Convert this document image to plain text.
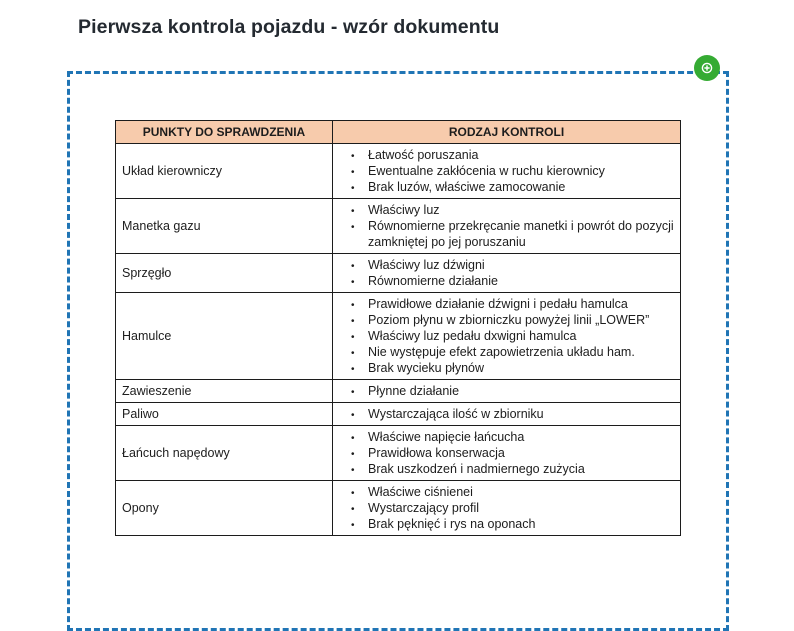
Pierwsza kontrola pojazdu - wzór dokumentu
PUNKTY DO SPRAWDZENIA	RODZAJ KONTROLI
Układ kierowniczy	
• Łatwość poruszania
• Ewentualne zakłócenia w ruchu kierownicy
• Brak luzów, właściwe zamocowanie

Manetka gazu	
• Właściwy luz
• Równomierne przekręcanie manetki i powrót do pozycji zamkniętej po jej poruszaniu

Sprzęgło	
• Właściwy luz dźwigni
• Równomierne działanie

Hamulce	
• Prawidłowe działanie dźwigni i pedału hamulca
• Poziom płynu w zbiorniczku powyżej linii „LOWER”
• Właściwy luz pedału dxwigni hamulca
• Nie występuje efekt zapowietrzenia układu ham.
• Brak wycieku płynów

Zawieszenie	
•Płynne działanie

Paliwo	
•Wystarczająca ilość w zbiorniku

Łańcuch napędowy	
• Właściwe napięcie łańcucha
• Prawidłowa konserwacja
• Brak uszkodzeń i nadmiernego zużycia

Opony	
• Właściwe ciśnienei
• Wystarczający profil
• Brak pęknięć i rys na oponach
